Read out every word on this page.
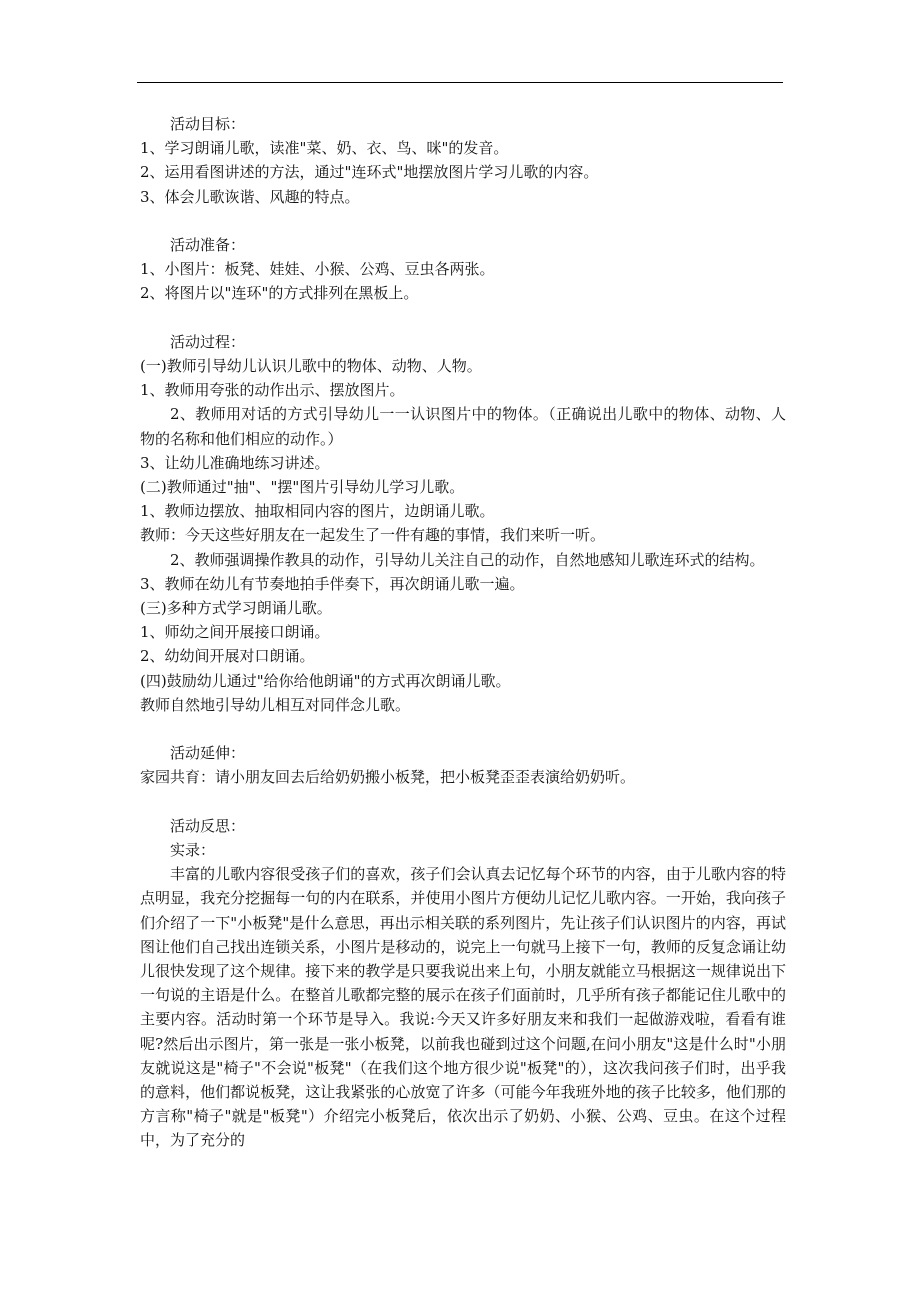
活动目标：

1、学习朗诵儿歌，读准"菜、奶、衣、鸟、咪"的发音。

2、运用看图讲述的方法，通过"连环式"地摆放图片学习儿歌的内容。

3、体会儿歌诙谐、风趣的特点。

活动准备：

1、小图片：板凳、娃娃、小猴、公鸡、豆虫各两张。

2、将图片以"连环"的方式排列在黑板上。

活动过程：

(一)教师引导幼儿认识儿歌中的物体、动物、人物。

1、教师用夸张的动作出示、摆放图片。

2、教师用对话的方式引导幼儿一一认识图片中的物体。（正确说出儿歌中的物体、动物、人物的名称和他们相应的动作。）

3、让幼儿准确地练习讲述。

(二)教师通过"抽"、"摆"图片引导幼儿学习儿歌。

1、教师边摆放、抽取相同内容的图片，边朗诵儿歌。

教师：今天这些好朋友在一起发生了一件有趣的事情，我们来听一听。

2、教师强调操作教具的动作，引导幼儿关注自己的动作，自然地感知儿歌连环式的结构。

3、教师在幼儿有节奏地拍手伴奏下，再次朗诵儿歌一遍。

(三)多种方式学习朗诵儿歌。

1、师幼之间开展接口朗诵。

2、幼幼间开展对口朗诵。

(四)鼓励幼儿通过"给你给他朗诵"的方式再次朗诵儿歌。

教师自然地引导幼儿相互对同伴念儿歌。

活动延伸：

家园共育：请小朋友回去后给奶奶搬小板凳，把小板凳歪歪表演给奶奶听。

活动反思：

实录：

丰富的儿歌内容很受孩子们的喜欢，孩子们会认真去记忆每个环节的内容，由于儿歌内容的特点明显，我充分挖掘每一句的内在联系，并使用小图片方便幼儿记忆儿歌内容。一开始，我向孩子们介绍了一下"小板凳"是什么意思，再出示相关联的系列图片，先让孩子们认识图片的内容，再试图让他们自己找出连锁关系，小图片是移动的，说完上一句就马上接下一句，教师的反复念诵让幼儿很快发现了这个规律。接下来的教学是只要我说出来上句，小朋友就能立马根据这一规律说出下一句说的主语是什么。在整首儿歌都完整的展示在孩子们面前时，几乎所有孩子都能记住儿歌中的主要内容。活动时第一个环节是导入。我说:今天又许多好朋友来和我们一起做游戏啦，看看有谁呢?然后出示图片，第一张是一张小板凳，以前我也碰到过这个问题,在问小朋友"这是什么时"小朋友就说这是"椅子"不会说"板凳"（在我们这个地方很少说"板凳"的），这次我问孩子们时，出乎我的意料，他们都说板凳，这让我紧张的心放宽了许多（可能今年我班外地的孩子比较多，他们那的方言称"椅子"就是"板凳"）介绍完小板凳后，依次出示了奶奶、小猴、公鸡、豆虫。在这个过程中，为了充分的
